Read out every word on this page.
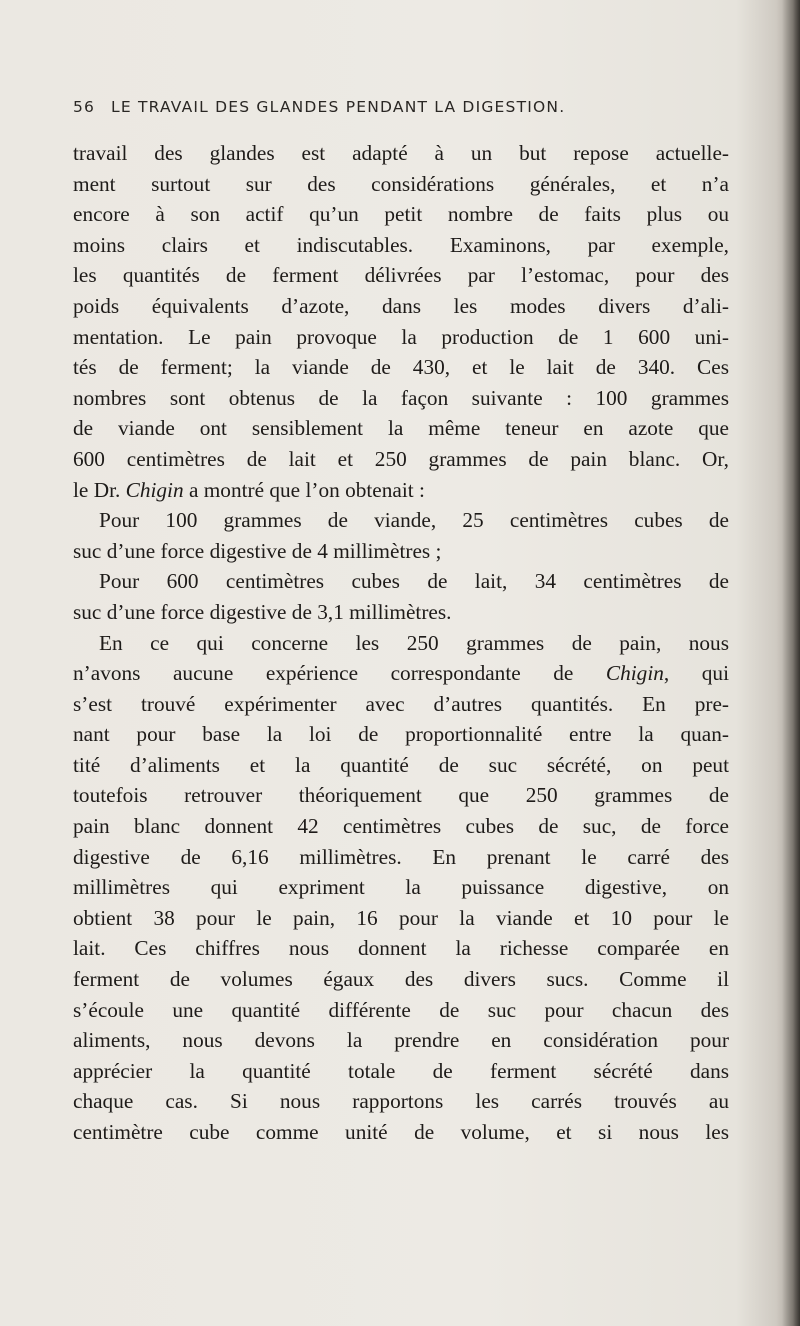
56 LE TRAVAIL DES GLANDES PENDANT LA DIGESTION.
travail des glandes est adapté à un but repose actuelle-
ment surtout sur des considérations générales, et n’a
encore à son actif qu’un petit nombre de faits plus ou
moins clairs et indiscutables. Examinons, par exemple,
les quantités de ferment délivrées par l’estomac, pour des
poids équivalents d’azote, dans les modes divers d’ali-
mentation. Le pain provoque la production de 1 600 uni-
tés de ferment; la viande de 430, et le lait de 340. Ces
nombres sont obtenus de la façon suivante : 100 grammes
de viande ont sensiblement la même teneur en azote que
600 centimètres de lait et 250 grammes de pain blanc. Or,
le Dr. Chigin a montré que l’on obtenait :
Pour 100 grammes de viande, 25 centimètres cubes de
suc d’une force digestive de 4 millimètres ;
Pour 600 centimètres cubes de lait, 34 centimètres de
suc d’une force digestive de 3,1 millimètres.
En ce qui concerne les 250 grammes de pain, nous
n’avons aucune expérience correspondante de Chigin, qui
s’est trouvé expérimenter avec d’autres quantités. En pre-
nant pour base la loi de proportionnalité entre la quan-
tité d’aliments et la quantité de suc sécrété, on peut
toutefois retrouver théoriquement que 250 grammes de
pain blanc donnent 42 centimètres cubes de suc, de force
digestive de 6,16 millimètres. En prenant le carré des
millimètres qui expriment la puissance digestive, on
obtient 38 pour le pain, 16 pour la viande et 10 pour le
lait. Ces chiffres nous donnent la richesse comparée en
ferment de volumes égaux des divers sucs. Comme il
s’écoule une quantité différente de suc pour chacun des
aliments, nous devons la prendre en considération pour
apprécier la quantité totale de ferment sécrété dans
chaque cas. Si nous rapportons les carrés trouvés au
centimètre cube comme unité de volume, et si nous les
